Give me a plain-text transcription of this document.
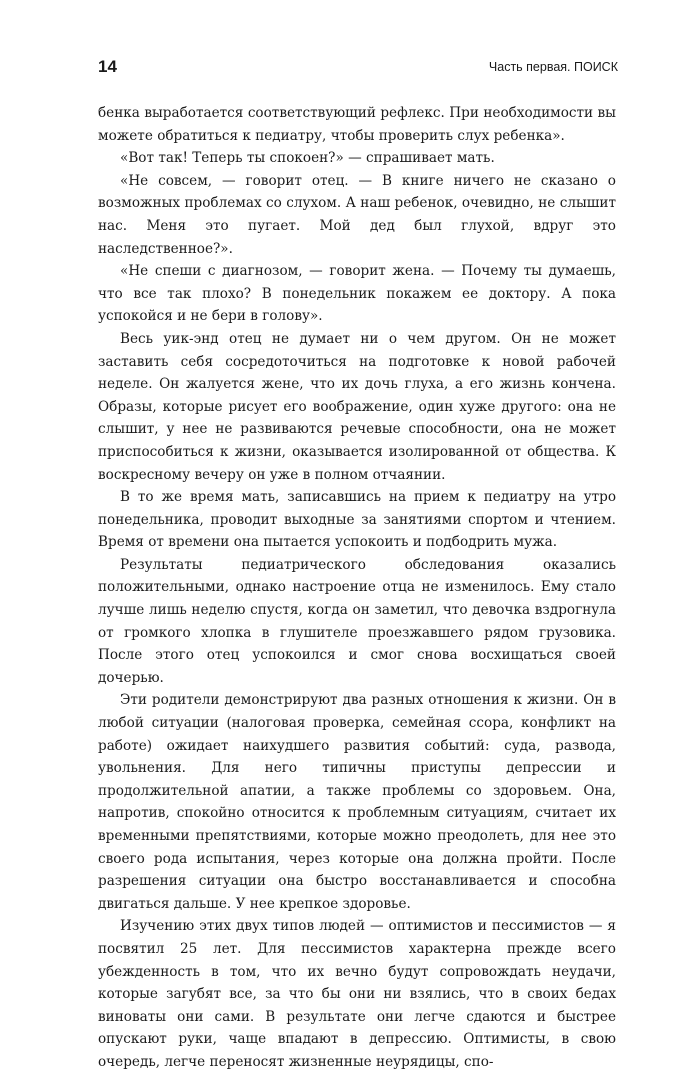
14	Часть первая. ПОИСК

бенка выработается соответствующий рефлекс. При необходимости вы можете обратиться к педиатру, чтобы проверить слух ребенка».

«Вот так! Теперь ты спокоен?» — спрашивает мать.

«Не совсем, — говорит отец. — В книге ничего не сказано о возможных проблемах со слухом. А наш ребенок, очевидно, не слышит нас. Меня это пугает. Мой дед был глухой, вдруг это наследственное?».

«Не спеши с диагнозом, — говорит жена. — Почему ты думаешь, что все так плохо? В понедельник покажем ее доктору. А пока успокойся и не бери в голову».

Весь уик-энд отец не думает ни о чем другом. Он не может заставить себя сосредоточиться на подготовке к новой рабочей неделе. Он жалуется жене, что их дочь глуха, а его жизнь кончена. Образы, которые рисует его воображение, один хуже другого: она не слышит, у нее не развиваются речевые способности, она не может приспособиться к жизни, оказывается изолированной от общества. К воскресному вечеру он уже в полном отчаянии.

В то же время мать, записавшись на прием к педиатру на утро понедельника, проводит выходные за занятиями спортом и чтением. Время от времени она пытается успокоить и подбодрить мужа.

Результаты педиатрического обследования оказались положительными, однако настроение отца не изменилось. Ему стало лучше лишь неделю спустя, когда он заметил, что девочка вздрогнула от громкого хлопка в глушителе проезжавшего рядом грузовика. После этого отец успокоился и смог снова восхищаться своей дочерью.

Эти родители демонстрируют два разных отношения к жизни. Он в любой ситуации (налоговая проверка, семейная ссора, конфликт на работе) ожидает наихудшего развития событий: суда, развода, увольнения. Для него типичны приступы депрессии и продолжительной апатии, а также проблемы со здоровьем. Она, напротив, спокойно относится к проблемным ситуациям, считает их временными препятствиями, которые можно преодолеть, для нее это своего рода испытания, через которые она должна пройти. После разрешения ситуации она быстро восстанавливается и способна двигаться дальше. У нее крепкое здоровье.

Изучению этих двух типов людей — оптимистов и пессимистов — я посвятил 25 лет. Для пессимистов характерна прежде всего убежденность в том, что их вечно будут сопровождать неудачи, которые загубят все, за что бы они ни взялись, что в своих бедах виноваты они сами. В результате они легче сдаются и быстрее опускают руки, чаще впадают в депрессию. Оптимисты, в свою очередь, легче переносят жизненные неурядицы, спо-
